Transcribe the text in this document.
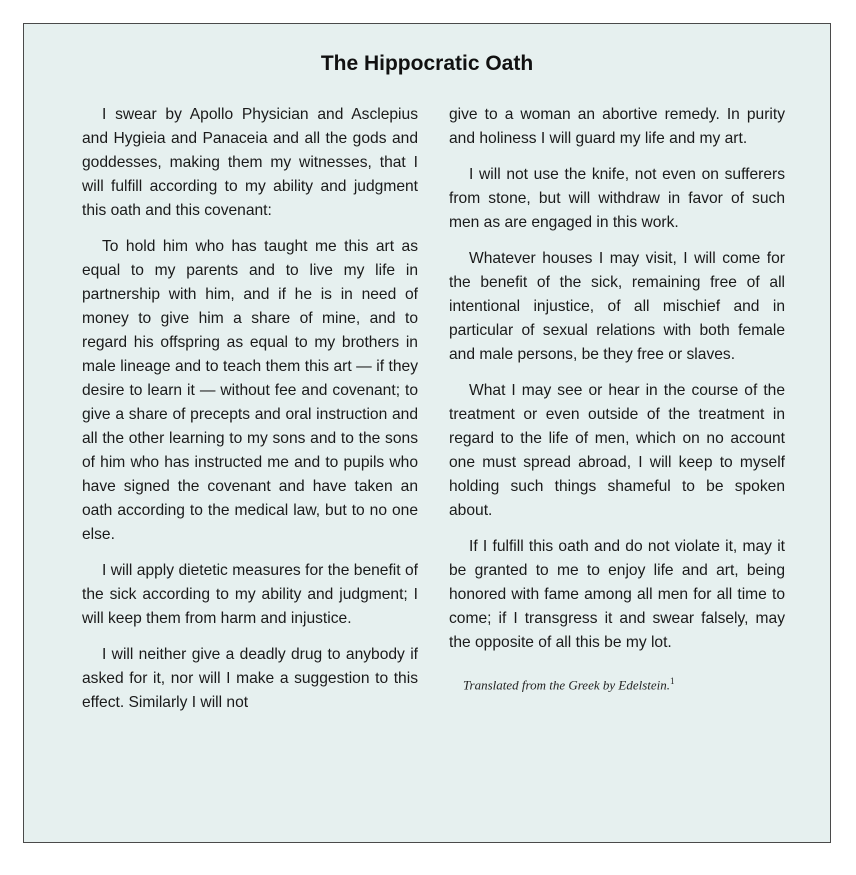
The Hippocratic Oath

I swear by Apollo Physician and Asclepius and Hygieia and Panaceia and all the gods and goddesses, making them my witnesses, that I will fulfill according to my ability and judgment this oath and this covenant:

To hold him who has taught me this art as equal to my parents and to live my life in partnership with him, and if he is in need of money to give him a share of mine, and to regard his offspring as equal to my brothers in male lineage and to teach them this art — if they desire to learn it — without fee and covenant; to give a share of precepts and oral instruction and all the other learning to my sons and to the sons of him who has instructed me and to pupils who have signed the covenant and have taken an oath according to the medical law, but to no one else.

I will apply dietetic measures for the benefit of the sick according to my ability and judgment; I will keep them from harm and injustice.

I will neither give a deadly drug to anybody if asked for it, nor will I make a suggestion to this effect. Similarly I will not

give to a woman an abortive remedy. In purity and holiness I will guard my life and my art.

I will not use the knife, not even on sufferers from stone, but will withdraw in favor of such men as are engaged in this work.

Whatever houses I may visit, I will come for the benefit of the sick, remaining free of all intentional injustice, of all mischief and in particular of sexual relations with both female and male persons, be they free or slaves.

What I may see or hear in the course of the treatment or even outside of the treatment in regard to the life of men, which on no account one must spread abroad, I will keep to myself holding such things shameful to be spoken about.

If I fulfill this oath and do not violate it, may it be granted to me to enjoy life and art, being honored with fame among all men for all time to come; if I transgress it and swear falsely, may the opposite of all this be my lot.

Translated from the Greek by Edelstein.$^1$
